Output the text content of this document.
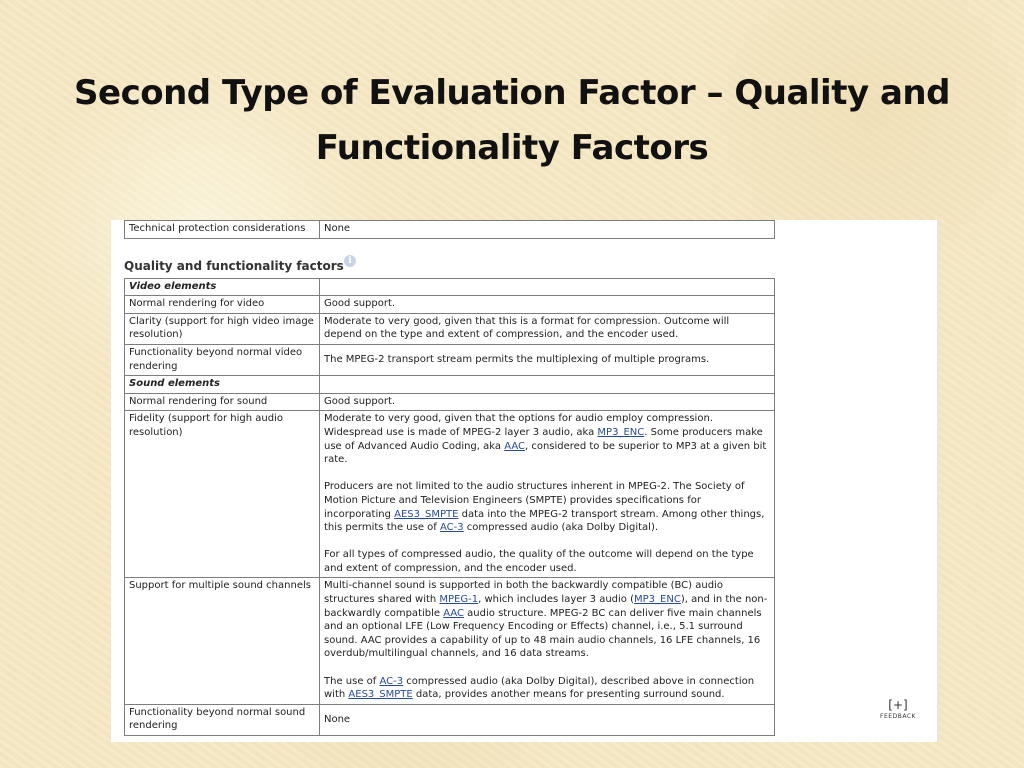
Second Type of Evaluation Factor – Quality and Functionality Factors
Technical protection considerations	None
Quality and functionality factors i
Video elements	
Normal rendering for video	Good support.
Clarity (support for high video image resolution)	Moderate to very good, given that this is a format for compression. Outcome will depend on the type and extent of compression, and the encoder used.
Functionality beyond normal video rendering	The MPEG-2 transport stream permits the multiplexing of multiple programs.
Sound elements	
Normal rendering for sound	Good support.
Fidelity (support for high audio resolution)	Moderate to very good, given that the options for audio employ compression. Widespread use is made of MPEG-2 layer 3 audio, aka MP3_ENC. Some producers make use of Advanced Audio Coding, aka AAC, considered to be superior to MP3 at a given bit rate.
Producers are not limited to the audio structures inherent in MPEG-2. The Society of Motion Picture and Television Engineers (SMPTE) provides specifications for incorporating AES3_SMPTE data into the MPEG-2 transport stream. Among other things, this permits the use of AC-3 compressed audio (aka Dolby Digital).
For all types of compressed audio, the quality of the outcome will depend on the type and extent of compression, and the encoder used.

Support for multiple sound channels	Multi-channel sound is supported in both the backwardly compatible (BC) audio structures shared with MPEG-1, which includes layer 3 audio (MP3_ENC), and in the non-backwardly compatible AAC audio structure. MPEG-2 BC can deliver five main channels and an optional LFE (Low Frequency Encoding or Effects) channel, i.e., 5.1 surround sound. AAC provides a capability of up to 48 main audio channels, 16 LFE channels, 16 overdub/multilingual channels, and 16 data streams.
The use of AC-3 compressed audio (aka Dolby Digital), described above in connection with AES3_SMPTE data, provides another means for presenting surround sound.

Functionality beyond normal sound rendering	None
[+]
FEEDBACK
